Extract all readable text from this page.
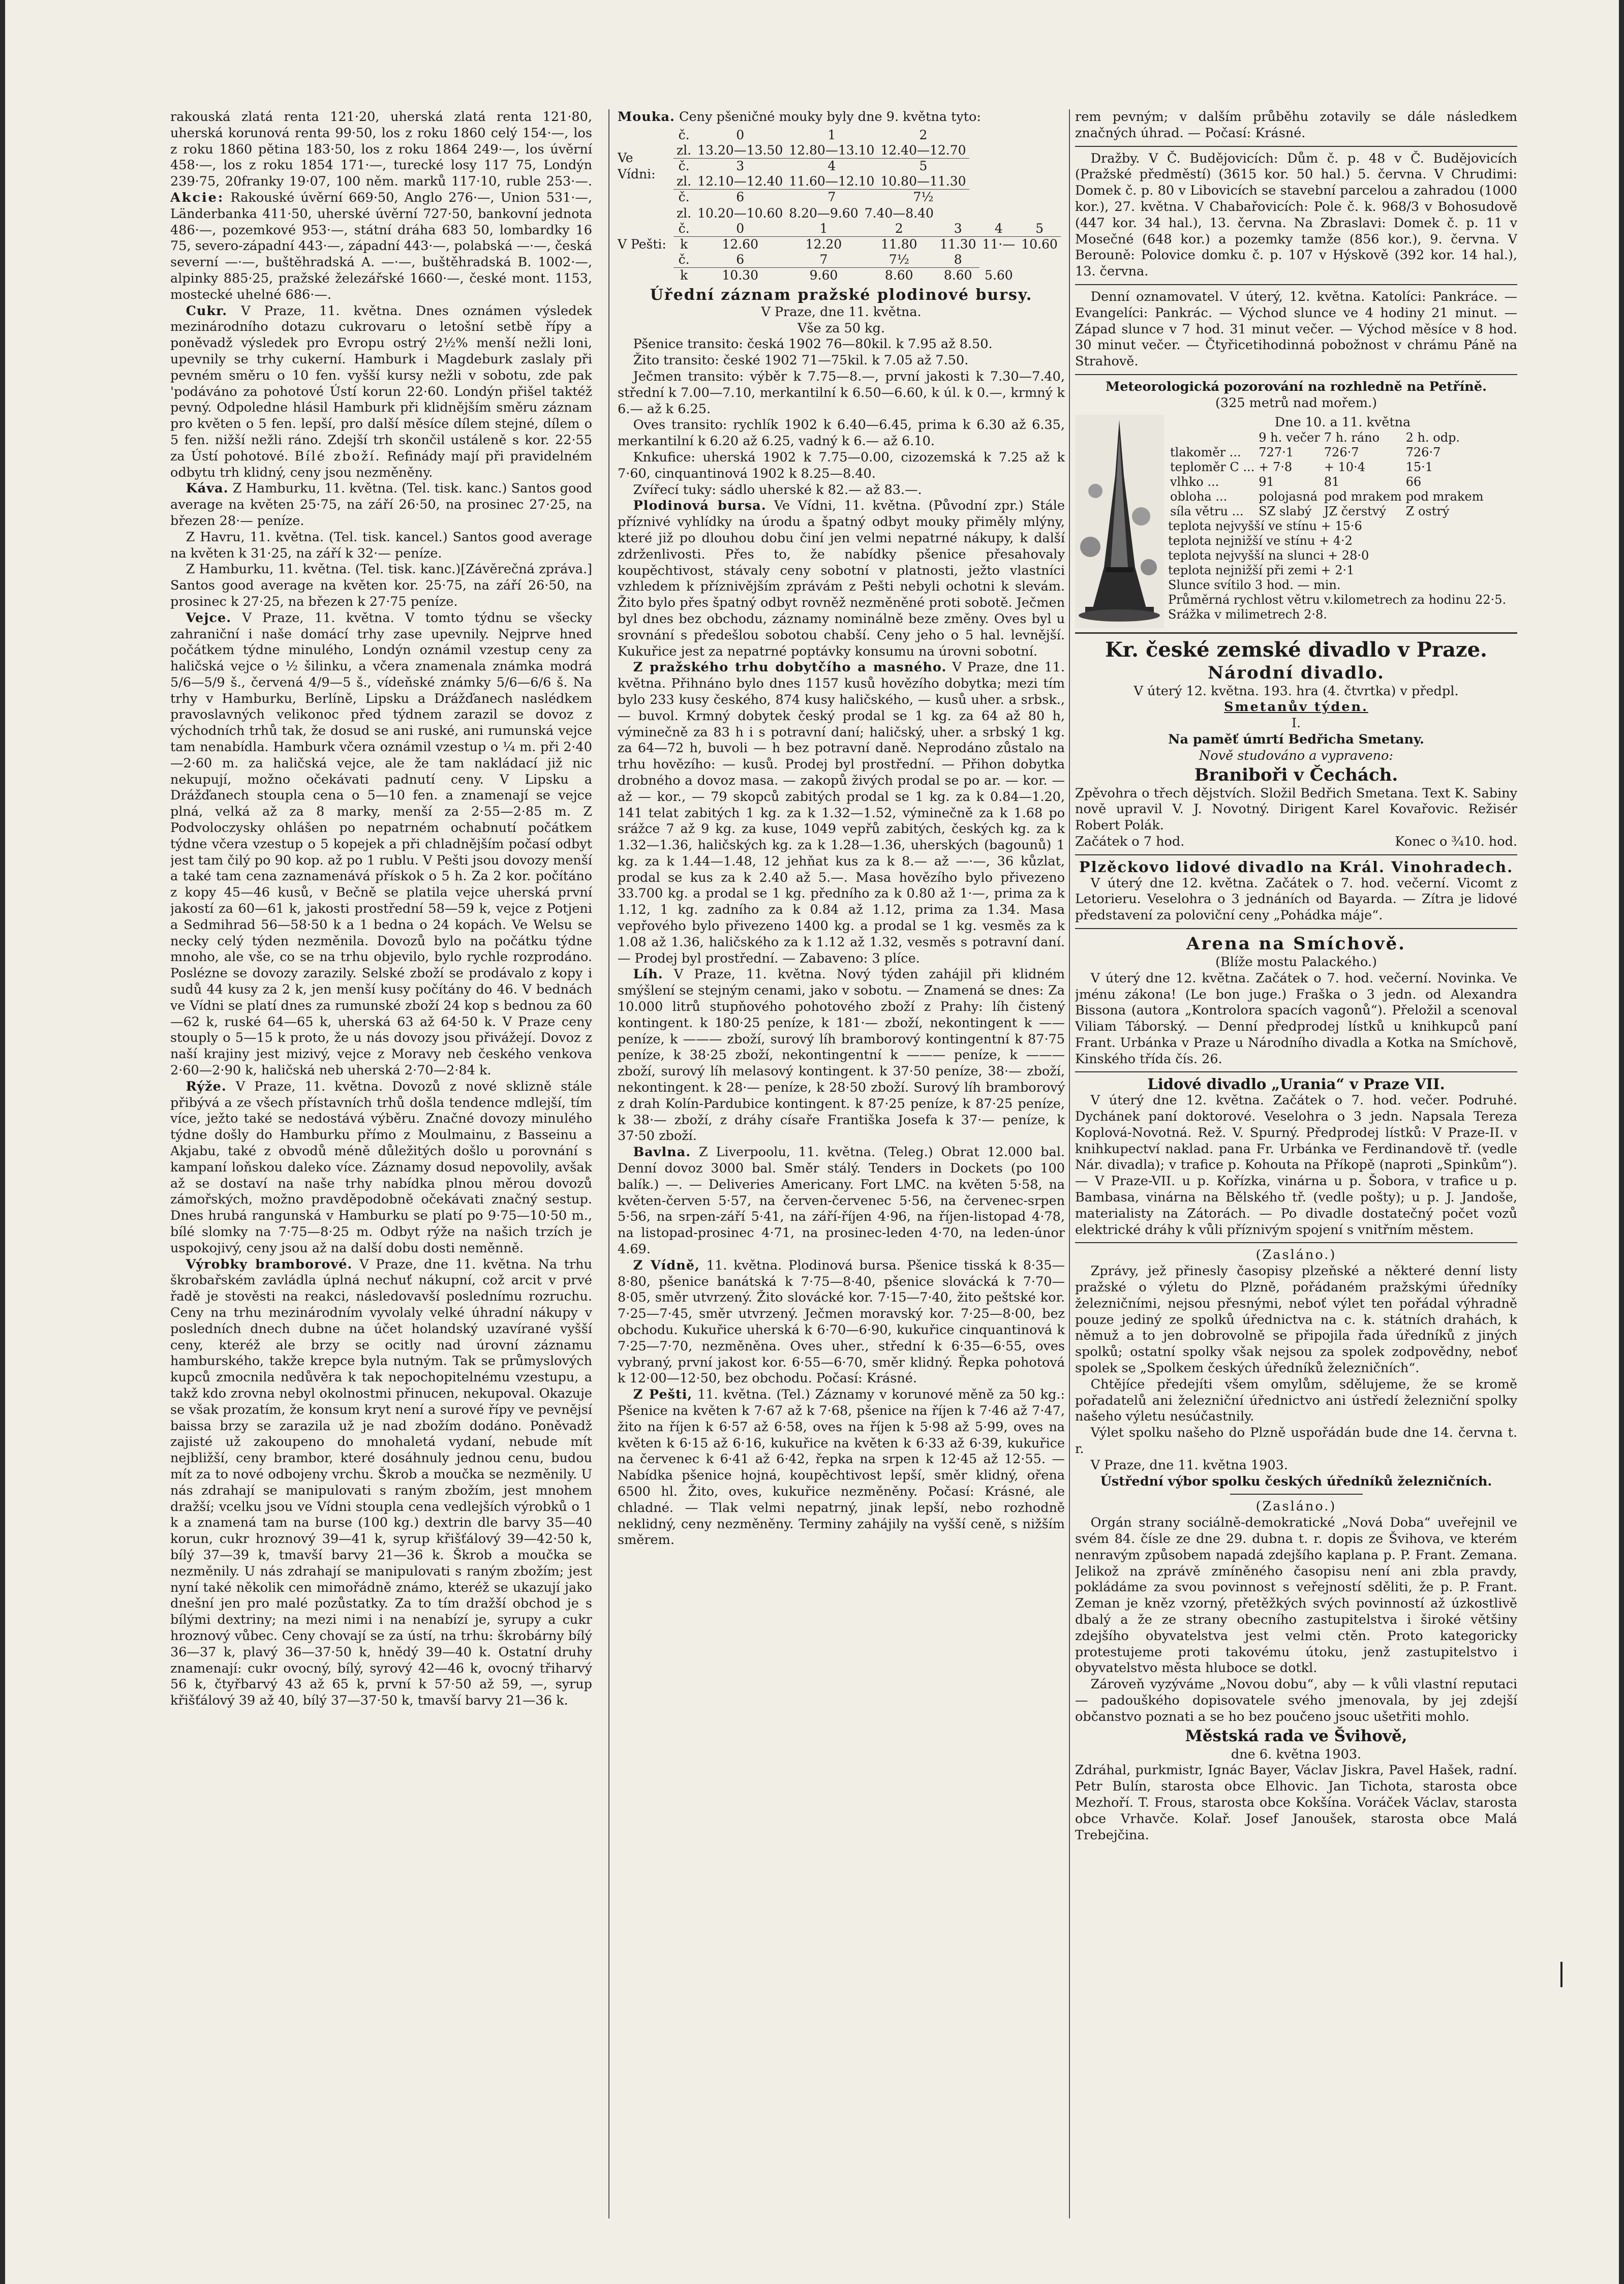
rakouská zlatá renta 121·20, uherská zlatá renta 121·80, uherská korunová renta 99·50, los z roku 1860 celý 154·—, los z roku 1860 pětina 183·50, los z roku 1864 249·—, los úvěrní 458·—, los z roku 1854 171·—, turecké losy 117 75, Londýn 239·75, 20franky 19·07, 100 něm. marků 117·10, ruble 253·—. Akcie: Rakouské úvěrní 669·50, Anglo 276·—, Union 531·—, Länderbanka 411·50, uherské úvěrní 727·50, bankovní jednota 486·—, pozemkové 953·—, státní dráha 683 50, lombardky 16 75, severo-západní 443·—, západní 443·—, polabská —·—, česká severní —·—, buštěhradská A. —·—, buštěhradská B. 1002·—, alpinky 885·25, pražské železářské 1660·—, české mont. 1153, mostecké uhelné 686·—.

Cukr. V Praze, 11. května. Dnes oznámen výsledek mezinárodního dotazu cukrovaru o letošní setbě řípy a poněvadž výsledek pro Evropu ostrý 2½% menší nežli loni, upevnily se trhy cukerní. Hamburk i Magdeburk zaslaly při pevném směru o 10 fen. vyšší kursy nežli v sobotu, zde pak 'podáváno za pohotové Ústí korun 22·60. Londýn přišel taktéž pevný. Odpoledne hlásil Hamburk při klidnějším směru záznam pro květen o 5 fen. lepší, pro další měsíce dílem stejné, dílem o 5 fen. nižší nežli ráno. Zdejší trh skončil ustáleně s kor. 22·55 za Ústí pohotové. Bílé zboží. Refinády mají při pravidelném odbytu trh klidný, ceny jsou nezměněny.

Káva. Z Hamburku, 11. května. (Tel. tisk. kanc.) Santos good average na květen 25·75, na září 26·50, na prosinec 27·25, na březen 28·— peníze.

Z Havru, 11. května. (Tel. tisk. kancel.) Santos good average na květen k 31·25, na září k 32·— peníze.

Z Hamburku, 11. května. (Tel. tisk. kanc.)[Závěrečná zpráva.] Santos good average na květen kor. 25·75, na září 26·50, na prosinec k 27·25, na březen k 27·75 peníze.

Vejce. V Praze, 11. května. V tomto týdnu se všecky zahraniční i naše domácí trhy zase upevnily. Nejprve hned počátkem týdne minulého, Londýn oznámil vzestup ceny za haličská vejce o ½ šilinku, a včera znamenala známka modrá 5/6—5/9 š., červená 4/9—5 š., vídeňské známky 5/6—6/6 š. Na trhy v Hamburku, Berlíně, Lipsku a Drážďanech naslédkem pravoslavných velikonoc před týdnem zarazil se dovoz z východních trhů tak, že dosud se ani ruské, ani rumunská vejce tam nenabídla. Hamburk včera oznámil vzestup o ¼ m. při 2·40—2·60 m. za haličská vejce, ale že tam nakládací již nic nekupují, možno očekávati padnutí ceny. V Lipsku a Drážďanech stoupla cena o 5—10 fen. a znamenají se vejce plná, velká až za 8 marky, menší za 2·55—2·85 m. Z Podvoloczysky ohlášen po nepatrném ochabnutí počátkem týdne včera vzestup o 5 kopejek a při chladnějším počasí odbyt jest tam čilý po 90 kop. až po 1 rublu. V Pešti jsou dovozy menší a také tam cena zaznamenává přískok o 5 h. Za 2 kor. počítáno z kopy 45—46 kusů, v Bečně se platila vejce uherská první jakostí za 60—61 k, jakosti prostřední 58—59 k, vejce z Potjeni a Sedmihrad 56—58·50 k a 1 bedna o 24 kopách. Ve Welsu se necky celý týden nezměnila. Dovozů bylo na počátku týdne mnoho, ale vše, co se na trhu objevilo, bylo rychle rozprodáno. Poslézne se dovozy zarazily. Selské zboží se prodávalo z kopy i sudů 44 kusy za 2 k, jen menší kusy počítány do 46. V bednách ve Vídni se platí dnes za rumunské zboží 24 kop s bednou za 60—62 k, ruské 64—65 k, uherská 63 až 64·50 k. V Praze ceny stouply o 5—15 k proto, že u nás dovozy jsou přivážejí. Dovoz z naší krajiny jest mizivý, vejce z Moravy neb českého venkova 2·60—2·90 k, haličská neb uherská 2·70—2·84 k.

Rýže. V Praze, 11. května. Dovozů z nové sklizně stále přibývá a ze všech přístavních trhů došla tendence mdlejší, tím více, ježto také se nedostává výběru. Značné dovozy minulého týdne došly do Hamburku přímo z Moulmainu, z Basseinu a Akjabu, také z obvodů méně důležitých došlo u porovnání s kampaní loňskou daleko více. Záznamy dosud nepovolily, avšak až se dostaví na naše trhy nabídka plnou měrou dovozů zámořských, možno pravděpodobně očekávati značný sestup. Dnes hrubá rangunská v Hamburku se platí po 9·75—10·50 m., bílé slomky na 7·75—8·25 m. Odbyt rýže na našich trzích je uspokojivý, ceny jsou až na další dobu dosti neměnně.

Výrobky bramborové. V Praze, dne 11. května. Na trhu škrobařském zavládla úplná nechuť nákupní, což arcit v prvé řadě je stověsti na reakci, následovavší poslednímu rozruchu. Ceny na trhu mezinárodním vyvolaly velké úhradní nákupy v posledních dnech dubne na účet holandský uzavírané vyšší ceny, kteréž ale brzy se ocitly nad úrovní záznamu hamburského, takže krepce byla nutným. Tak se průmyslových kupců zmocnila nedůvěra k tak nepochopitelnému vzestupu, a takž kdo zrovna nebyl okolnostmi přinucen, nekupoval. Okazuje se však prozatím, že konsum kryt není a surové řípy ve pevnějsí baissa brzy se zarazila už je nad zbožím dodáno. Poněvadž zajisté už zakoupeno do mnohaletá vydaní, nebude mít nejbližší, ceny brambor, které dosáhnuly jednou cenu, budou mít za to nové odbojeny vrchu. Škrob a moučka se nezměnily. U nás zdrahají se manipulovati s raným zbožím, jest mnohem dražší; vcelku jsou ve Vídni stoupla cena vedlejších výrobků o 1 k a znamená tam na burse (100 kg.) dextrin dle barvy 35—40 korun, cukr hroznový 39—41 k, syrup křišťálový 39—42·50 k, bílý 37—39 k, tmavší barvy 21—36 k. Škrob a moučka se nezměnily. U nás zdrahají se manipulovati s raným zbožím; jest nyní také několik cen mimořádně známo, kteréž se ukazují jako dnešní jen pro malé pozůstatky. Za to tím dražší obchod je s bílými dextriny; na mezi nimi i na nenabízí je, syrupy a cukr hroznový vůbec. Ceny chovají se za ústí, na trhu: škrobárny bílý 36—37 k, plavý 36—37·50 k, hnědý 39—40 k. Ostatní druhy znamenají: cukr ovocný, bílý, syrový 42—46 k, ovocný třiharvý 56 k, čtyřbarvý 43 až 65 k, první k 57·50 až 59, —, syrup křišťálový 39 až 40, bílý 37—37·50 k, tmavší barvy 21—36 k.

Mouka. Ceny pšeničné mouky byly dne 9. května tyto:

Ve Vídni:
č.	0	1	2
zl.	13.20—13.50	12.80—13.10	12.40—12.70
č.	3	4	5
zl.	12.10—12.40	11.60—12.10	10.80—11.30
č.	6	7	7½
V Pešti:
zl.	10.20—10.60	8.20—9.60	7.40—8.40			
č.	0	1	2	3	4	5
k	12.60	12.20	11.80	11.30	11·—	10.60
č.	6	7	7½	8		
k	10.30	9.60	8.60	8.60	5.60	

Úřední záznam pražské plodinové bursy.

V Praze, dne 11. května.

Vše za 50 kg.

Pšenice transito: česká 1902 76—80kil. k 7.95 až 8.50.

Žito transito: české 1902 71—75kil. k 7.05 až 7.50.

Ječmen transito: výběr k 7.75—8.—, první jakosti k 7.30—7.40, střední k 7.00—7.10, merkantilní k 6.50—6.60, k úl. k 0.—, krmný k 6.— až k 6.25.

Oves transito: rychlík 1902 k 6.40—6.45, prima k 6.30 až 6.35, merkantilní k 6.20 až 6.25, vadný k 6.— až 6.10.

Knkufice: uherská 1902 k 7.75—0.00, cizozemská k 7.25 až k 7·60, cinquantinová 1902 k 8.25—8.40.

Zvířecí tuky: sádlo uherské k 82.— až 83.—.

Plodinová bursa. Ve Vídni, 11. května. (Původní zpr.) Stále příznivé vyhlídky na úrodu a špatný odbyt mouky přiměly mlýny, které již po dlouhou dobu činí jen velmi nepatrné nákupy, k další zdrženlivosti. Přes to, že nabídky pšenice přesahovaly koupěchtivost, stávaly ceny sobotní v platnosti, ježto vlastníci vzhledem k příznivějším zprávám z Pešti nebyli ochotni k slevám. Žito bylo přes špatný odbyt rovněž nezměněné proti sobotě. Ječmen byl dnes bez obchodu, záznamy nominálně beze změny. Oves byl u srovnání s předešlou sobotou chabší. Ceny jeho o 5 hal. levnější. Kukuřice jest za nepatrné poptávky konsumu na úrovni sobotní.

Z pražského trhu dobytčího a masného. V Praze, dne 11. května. Přihnáno bylo dnes 1157 kusů hovězího dobytka; mezi tím bylo 233 kusy českého, 874 kusy haličského, — kusů uher. a srbsk., — buvol. Krmný dobytek český prodal se 1 kg. za 64 až 80 h, výminečně za 83 h i s potravní daní; haličský, uher. a srbský 1 kg. za 64—72 h, buvoli — h bez potravní daně. Neprodáno zůstalo na trhu hovězího: — kusů. Prodej byl prostřední. — Přihon dobytka drobného a dovoz masa. — zakopů živých prodal se po ar. — kor. — až — kor., — 79 skopců zabitých prodal se 1 kg. za k 0.84—1.20, 141 telat zabitých 1 kg. za k 1.32—1.52, výminečně za k 1.68 po srážce 7 až 9 kg. za kuse, 1049 vepřů zabitých, českých kg. za k 1.32—1.36, haličských kg. za k 1.28—1.36, uherských (bagounů) 1 kg. za k 1.44—1.48, 12 jehňat kus za k 8.— až —·—, 36 kůzlat, prodal se kus za k 2.40 až 5.—. Masa hovězího bylo přivezeno 33.700 kg. a prodal se 1 kg. předního za k 0.80 až 1·—, prima za k 1.12, 1 kg. zadního za k 0.84 až 1.12, prima za 1.34. Masa vepřového bylo přivezeno 1400 kg. a prodal se 1 kg. vesměs za k 1.08 až 1.36, haličského za k 1.12 až 1.32, vesměs s potravní daní. — Prodej byl prostřední. — Zabaveno: 3 plíce.

Líh. V Praze, 11. května. Nový týden zahájil při klidném smýšlení se stejným cenami, jako v sobotu. — Znamená se dnes: Za 10.000 litrů stupňového pohotového zboží z Prahy: líh čistený kontingent. k 180·25 peníze, k 181·— zboží, nekontingent k —— peníze, k ——— zboží, surový líh bramborový kontingentní k 87·75 peníze, k 38·25 zboží, nekontingentní k ——— peníze, k ——— zboží, surový líh melasový kontingent. k 37·50 peníze, 38·— zboží, nekontingent. k 28·— peníze, k 28·50 zboží. Surový líh bramborový z drah Kolín-Pardubice kontingent. k 87·25 peníze, k 87·25 peníze, k 38·— zboží, z dráhy císaře Františka Josefa k 37·— peníze, k 37·50 zboží.

Bavlna. Z Liverpoolu, 11. května. (Teleg.) Obrat 12.000 bal. Denní dovoz 3000 bal. Směr stálý. Tenders in Dockets (po 100 balík.) —. — Deliveries Americany. Fort LMC. na květen 5·58, na květen-červen 5·57, na červen-červenec 5·56, na červenec-srpen 5·56, na srpen-září 5·41, na září-říjen 4·96, na říjen-listopad 4·78, na listopad-prosinec 4·71, na prosinec-leden 4·70, na leden-únor 4.69.

Z Vídně, 11. května. Plodinová bursa. Pšenice tisská k 8·35—8·80, pšenice banátská k 7·75—8·40, pšenice slovácká k 7·70—8·05, směr utvrzený. Žito slovácké kor. 7·15—7·40, žito peštské kor. 7·25—7·45, směr utvrzený. Ječmen moravský kor. 7·25—8·00, bez obchodu. Kukuřice uherská k 6·70—6·90, kukuřice cinquantinová k 7·25—7·70, nezměněna. Oves uher., střední k 6·35—6·55, oves vybraný, první jakost kor. 6·55—6·70, směr klidný. Řepka pohotová k 12·00—12·50, bez obchodu. Počasí: Krásné.

Z Pešti, 11. května. (Tel.) Záznamy v korunové měně za 50 kg.: Pšenice na květen k 7·67 až k 7·68, pšenice na říjen k 7·46 až 7·47, žito na říjen k 6·57 až 6·58, oves na říjen k 5·98 až 5·99, oves na květen k 6·15 až 6·16, kukuřice na květen k 6·33 až 6·39, kukuřice na červenec k 6·41 až 6·42, řepka na srpen k 12·45 až 12·55. — Nabídka pšenice hojná, koupěchtivost lepší, směr klidný, ořena 6500 hl. Žito, oves, kukuřice nezměněny. Počasí: Krásné, ale chladné. — Tlak velmi nepatrný, jinak lepší, nebo rozhodně neklidný, ceny nezměněny. Terminy zahájily na vyšší ceně, s nižším směrem.

rem pevným; v dalším průběhu zotavily se dále následkem značných úhrad. — Počasí: Krásné.

Dražby. V Č. Budějovicích: Dům č. p. 48 v Č. Budějovicích (Pražské předměstí) (3615 kor. 50 hal.) 5. června. V Chrudimi: Domek č. p. 80 v Libovicích se stavební parcelou a zahradou (1000 kor.), 27. května. V Chabařovicích: Pole č. k. 968/3 v Bohosudově (447 kor. 34 hal.), 13. června. Na Zbraslavi: Domek č. p. 11 v Mosečné (648 kor.) a pozemky tamže (856 kor.), 9. června. V Berouně: Polovice domku č. p. 107 v Hýskově (392 kor. 14 hal.), 13. června.

Denní oznamovatel. V úterý, 12. května. Katolíci: Pankráce. — Evangelíci: Pankrác. — Východ slunce ve 4 hodiny 21 minut. — Západ slunce v 7 hod. 31 minut večer. — Východ měsíce v 8 hod. 30 minut večer. — Čtyřicetihodinná pobožnost v chrámu Páně na Strahově.

Meteorologická pozorování na rozhledně na Petříně.

(325 metrů nad mořem.)

Dne 10. a 11. května

	9 h. večer	7 h. ráno	2 h. odp.
tlakoměr ...	727·1	726·7	726·7
teploměr C ...	+ 7·8	+ 10·4	15·1
vlhko ...	91	81	66
obloha ...	polojasná	pod mrakem	pod mrakem
síla větru ...	SZ slabý	JZ čerstvý	Z ostrý
teplota nejvyšší ve stínu + 15·6
teplota nejnižší ve stínu + 4·2
teplota nejvyšší na slunci + 28·0
teplota nejnižší při zemi + 2·1
Slunce svítilo 3 hod. — min.
Průměrná rychlost větru v.kilometrech za hodinu 22·5.
Srážka v milimetrech 2·8.

Kr. české zemské divadlo v Praze.

Národní divadlo.

V úterý 12. května. 193. hra (4. čtvrtka) v předpl.

Smetanův týden.

I.

Na paměť úmrtí Bedřicha Smetany.

Nově studováno a vypraveno:

Braniboři v Čechách.

Zpěvohra o třech dějstvích. Složil Bedřich Smetana. Text K. Sabiny nově upravil V. J. Novotný. Dirigent Karel Kovařovic. Režisér Robert Polák.

Začátek o 7 hod.	Konec o ¾10. hod.

Plzěckovo lidové divadlo na Král. Vinohradech.

V úterý dne 12. května. Začátek o 7. hod. večerní. Vicomt z Letorieru. Veselohra o 3 jednáních od Bayarda. — Zítra je lidové představení za poloviční ceny „Pohádka máje“.

Arena na Smíchově.

(Blíže mostu Palackého.)

V úterý dne 12. května. Začátek o 7. hod. večerní. Novinka. Ve jménu zákona! (Le bon juge.) Fraška o 3 jedn. od Alexandra Bissona (autora „Kontrolora spacích vagonů“). Přeložil a scenoval Viliam Táborský. — Denní předprodej lístků u knihkupců paní Frant. Urbánka v Praze u Národního divadla a Kotka na Smíchově, Kinského třída čís. 26.

Lidové divadlo „Urania“ v Praze VII.

V úterý dne 12. května. Začátek o 7. hod. večer. Podruhé. Dychánek paní doktorové. Veselohra o 3 jedn. Napsala Tereza Koplová-Novotná. Rež. V. Spurný. Předprodej lístků: V Praze-II. v knihkupectví naklad. pana Fr. Urbánka ve Ferdinandově tř. (vedle Nár. divadla); v trafice p. Kohouta na Příkopě (naproti „Spinkům“). — V Praze-VII. u p. Kořízka, vinárna u p. Šobora, v trafice u p. Bambasa, vinárna na Bělského tř. (vedle pošty); u p. J. Jandoše, materialisty na Zátorách. — Po divadle dostatečný počet vozů elektrické dráhy k vůli příznivým spojení s vnitřním městem.

(Zasláno.)

Zprávy, jež přinesly časopisy plzeňské a některé denní listy pražské o výletu do Plzně, pořádaném pražskými úředníky železničními, nejsou přesnými, neboť výlet ten pořádal výhradně pouze jediný ze spolků úřednictva na c. k. státních drahách, k němuž a to jen dobrovolně se připojila řada úředníků z jiných spolků; ostatní spolky však nejsou za spolek zodpovědny, neboť spolek se „Spolkem českých úředníků železničních“.

Chtějíce předejíti všem omylům, sdělujeme, že se kromě pořadatelů ani železniční úřednictvo ani ústředí železniční spolky našeho výletu nesúčastnily.

Výlet spolku našeho do Plzně uspořádán bude dne 14. června t. r.

V Praze, dne 11. května 1903.

Ústřední výbor spolku českých úředníků železničních.

(Zasláno.)

Orgán strany sociálně-demokratické „Nová Doba“ uveřejnil ve svém 84. čísle ze dne 29. dubna t. r. dopis ze Švihova, ve kterém nenravým způsobem napadá zdejšího kaplana p. P. Frant. Zemana. Jelikož na zprávě zmíněného časopisu není ani zbla pravdy, pokládáme za svou povinnost s veřejností sděliti, že p. P. Frant. Zeman je kněz vzorný, přetěžkých svých povinností až úzkostlivě dbalý a že ze strany obecního zastupitelstva i široké většiny zdejšího obyvatelstva jest velmi ctěn. Proto kategoricky protestujeme proti takovému útoku, jenž zastupitelstvo i obyvatelstvo města hluboce se dotkl.

Zároveň vyzýváme „Novou dobu“, aby — k vůli vlastní reputaci — padouškého dopisovatele svého jmenovala, by jej zdejší občanstvo poznati a se ho bez poučeno jsouc ušetřiti mohlo.

Městská rada ve Švihově,

dne 6. května 1903.

Zdráhal, purkmistr, Ignác Bayer, Václav Jiskra, Pavel Hašek, radní. Petr Bulín, starosta obce Elhovic. Jan Tichota, starosta obce Mezhoří. T. Frous, starosta obce Kokšína. Voráček Václav, starosta obce Vrhavče. Kolař. Josef Janoušek, starosta obce Malá Trebejčina.
